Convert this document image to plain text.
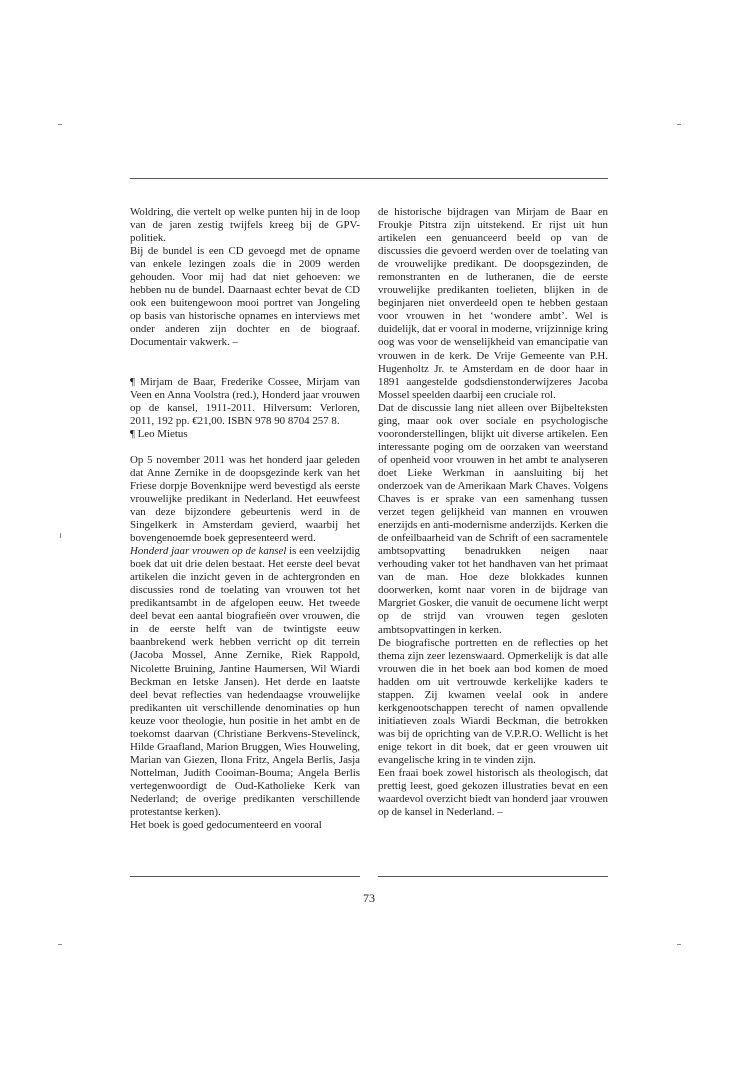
Woldring, die vertelt op welke punten hij in de loop van de jaren zestig twijfels kreeg bij de GPV-politiek.

Bij de bundel is een CD gevoegd met de opname van enkele lezingen zoals die in 2009 werden gehouden. Voor mij had dat niet gehoeven: we hebben nu de bundel. Daarnaast echter bevat de CD ook een buitengewoon mooi portret van Jongeling op basis van historische opnames en interviews met onder anderen zijn dochter en de biograaf. Documentair vakwerk. –

¶ Mirjam de Baar, Frederike Cossee, Mirjam van Veen en Anna Voolstra (red.), Honderd jaar vrouwen op de kansel, 1911-2011. Hilversum: Verloren, 2011, 192 pp. €21,00. ISBN 978 90 8704 257 8.

¶ Leo Mietus

Op 5 november 2011 was het honderd jaar geleden dat Anne Zernike in de doopsgezinde kerk van het Friese dorpje Bovenknijpe werd bevestigd als eerste vrouwelijke predikant in Nederland. Het eeuwfeest van deze bijzondere gebeurtenis werd in de Singelkerk in Amsterdam gevierd, waarbij het bovengenoemde boek gepresenteerd werd.

Honderd jaar vrouwen op de kansel is een veelzijdig boek dat uit drie delen bestaat. Het eerste deel bevat artikelen die inzicht geven in de achtergronden en discussies rond de toelating van vrouwen tot het predikantsambt in de afgelopen eeuw. Het tweede deel bevat een aantal biografieën over vrouwen, die in de eerste helft van de twintigste eeuw baanbrekend werk hebben verricht op dit terrein (Jacoba Mossel, Anne Zernike, Riek Rappold, Nicolette Bruining, Jantine Haumersen, Wil Wiardi Beckman en Ietske Jansen). Het derde en laatste deel bevat reflecties van hedendaagse vrouwelijke predikanten uit verschillende denominaties op hun keuze voor theologie, hun positie in het ambt en de toekomst daarvan (Christiane Berkvens-Stevelinck, Hilde Graafland, Marion Bruggen, Wies Houweling, Marian van Giezen, Ilona Fritz, Angela Berlis, Jasja Nottelman, Judith Cooiman-Bouma; Angela Berlis vertegenwoordigt de Oud-Katholieke Kerk van Nederland; de overige predikanten verschillende protestantse kerken).

Het boek is goed gedocumenteerd en vooral

de historische bijdragen van Mirjam de Baar en Froukje Pitstra zijn uitstekend. Er rijst uit hun artikelen een genuanceerd beeld op van de discussies die gevoerd werden over de toelating van de vrouwelijke predikant. De doopsgezinden, de remonstranten en de lutheranen, die de eerste vrouwelijke predikanten toelieten, blijken in de beginjaren niet onverdeeld open te hebben gestaan voor vrouwen in het ‘wondere ambt’. Wel is duidelijk, dat er vooral in moderne, vrijzinnige kring oog was voor de wenselijkheid van emancipatie van vrouwen in de kerk. De Vrije Gemeente van P.H. Hugenholtz Jr. te Amsterdam en de door haar in 1891 aangestelde godsdienstonderwijzeres Jacoba Mossel speelden daarbij een cruciale rol.

Dat de discussie lang niet alleen over Bijbelteksten ging, maar ook over sociale en psychologische vooronderstellingen, blijkt uit diverse artikelen. Een interessante poging om de oorzaken van weerstand of openheid voor vrouwen in het ambt te analyseren doet Lieke Werkman in aansluiting bij het onderzoek van de Amerikaan Mark Chaves. Volgens Chaves is er sprake van een samenhang tussen verzet tegen gelijkheid van mannen en vrouwen enerzijds en anti-modernisme anderzijds. Kerken die de onfeilbaarheid van de Schrift of een sacramentele ambtsopvatting benadrukken neigen naar verhouding vaker tot het handhaven van het primaat van de man. Hoe deze blokkades kunnen doorwerken, komt naar voren in de bijdrage van Margriet Gosker, die vanuit de oecumene licht werpt op de strijd van vrouwen tegen gesloten ambtsopvattingen in kerken.

De biografische portretten en de reflecties op het thema zijn zeer lezenswaard. Opmerkelijk is dat alle vrouwen die in het boek aan bod komen de moed hadden om uit vertrouwde kerkelijke kaders te stappen. Zij kwamen veelal ook in andere kerkgenootschappen terecht of namen opvallende initiatieven zoals Wiardi Beckman, die betrokken was bij de oprichting van de V.P.R.O. Wellicht is het enige tekort in dit boek, dat er geen vrouwen uit evangelische kring in te vinden zijn.

Een fraai boek zowel historisch als theologisch, dat prettig leest, goed gekozen illustraties bevat en een waardevol overzicht biedt van honderd jaar vrouwen op de kansel in Nederland. –

73
